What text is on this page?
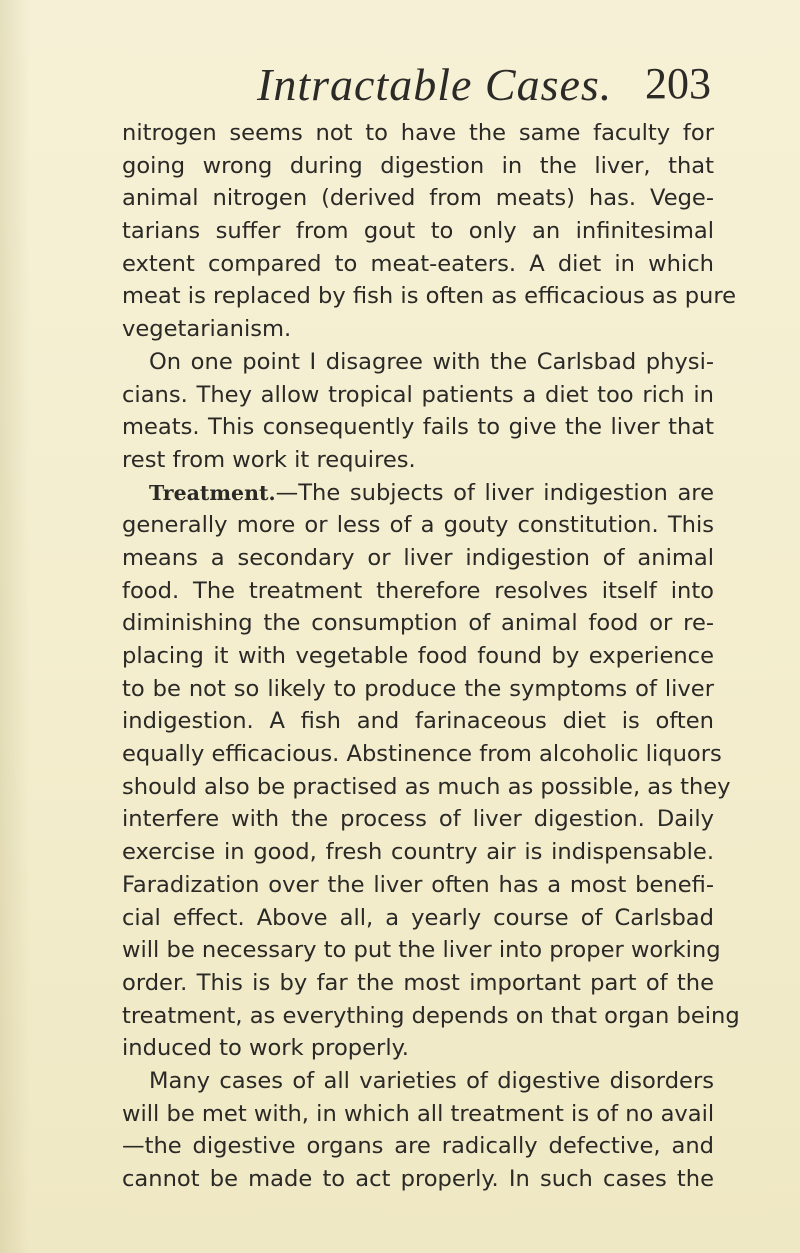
Intractable Cases. 203
nitrogen seems not to have the same faculty for
going wrong during digestion in the liver, that
animal nitrogen (derived from meats) has. Vege-
tarians suffer from gout to only an infinitesimal
extent compared to meat-eaters. A diet in which
meat is replaced by fish is often as efficacious as pure
vegetarianism.
On one point I disagree with the Carlsbad physi-
cians. They allow tropical patients a diet too rich in
meats. This consequently fails to give the liver that
rest from work it requires.
Treatment.—The subjects of liver indigestion are
generally more or less of a gouty constitution. This
means a secondary or liver indigestion of animal
food. The treatment therefore resolves itself into
diminishing the consumption of animal food or re-
placing it with vegetable food found by experience
to be not so likely to produce the symptoms of liver
indigestion. A fish and farinaceous diet is often
equally efficacious. Abstinence from alcoholic liquors
should also be practised as much as possible, as they
interfere with the process of liver digestion. Daily
exercise in good, fresh country air is indispensable.
Faradization over the liver often has a most benefi-
cial effect. Above all, a yearly course of Carlsbad
will be necessary to put the liver into proper working
order. This is by far the most important part of the
treatment, as everything depends on that organ being
induced to work properly.
Many cases of all varieties of digestive disorders
will be met with, in which all treatment is of no avail
—the digestive organs are radically defective, and
cannot be made to act properly. In such cases the
